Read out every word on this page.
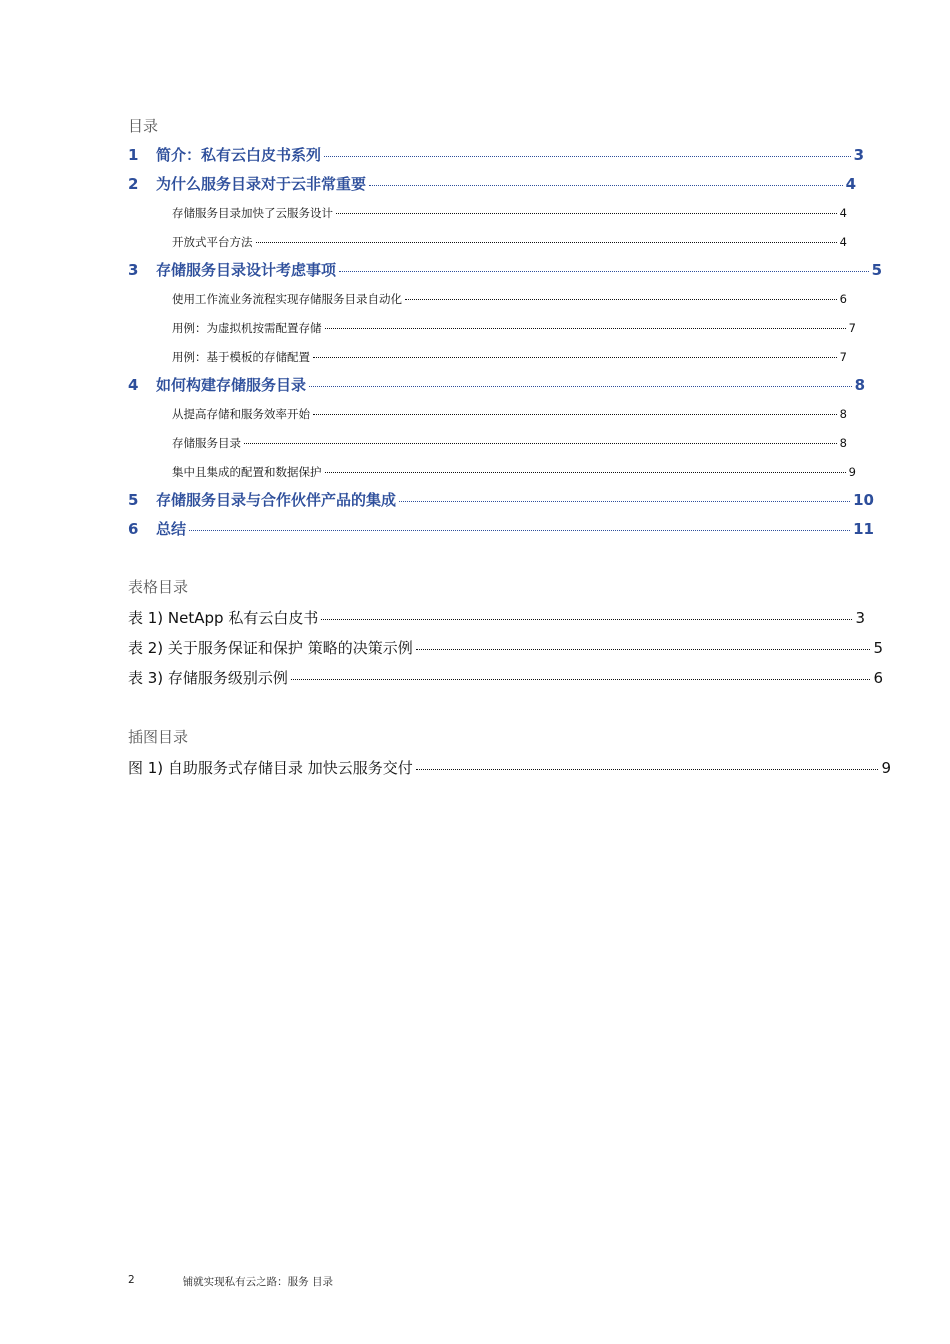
目录
1	简介：私有云白皮书系列	3
2	为什么服务目录对于云非常重要	4
存储服务目录加快了云服务设计	4
开放式平台方法	4
3	存储服务目录设计考虑事项	5
使用工作流业务流程实现存储服务目录自动化	6
用例：为虚拟机按需配置存储	7
用例：基于模板的存储配置	7
4	如何构建存储服务目录	8
从提高存储和服务效率开始	8
存储服务目录	8
集中且集成的配置和数据保护	9
5	存储服务目录与合作伙伴产品的集成	10
6	总结	11
表格目录
表 1) NetApp 私有云白皮书	3
表 2) 关于服务保证和保护 策略的决策示例	5
表 3) 存储服务级别示例	6
插图目录
图 1) 自助服务式存储目录 加快云服务交付	9
2	铺就实现私有云之路：服务 目录
